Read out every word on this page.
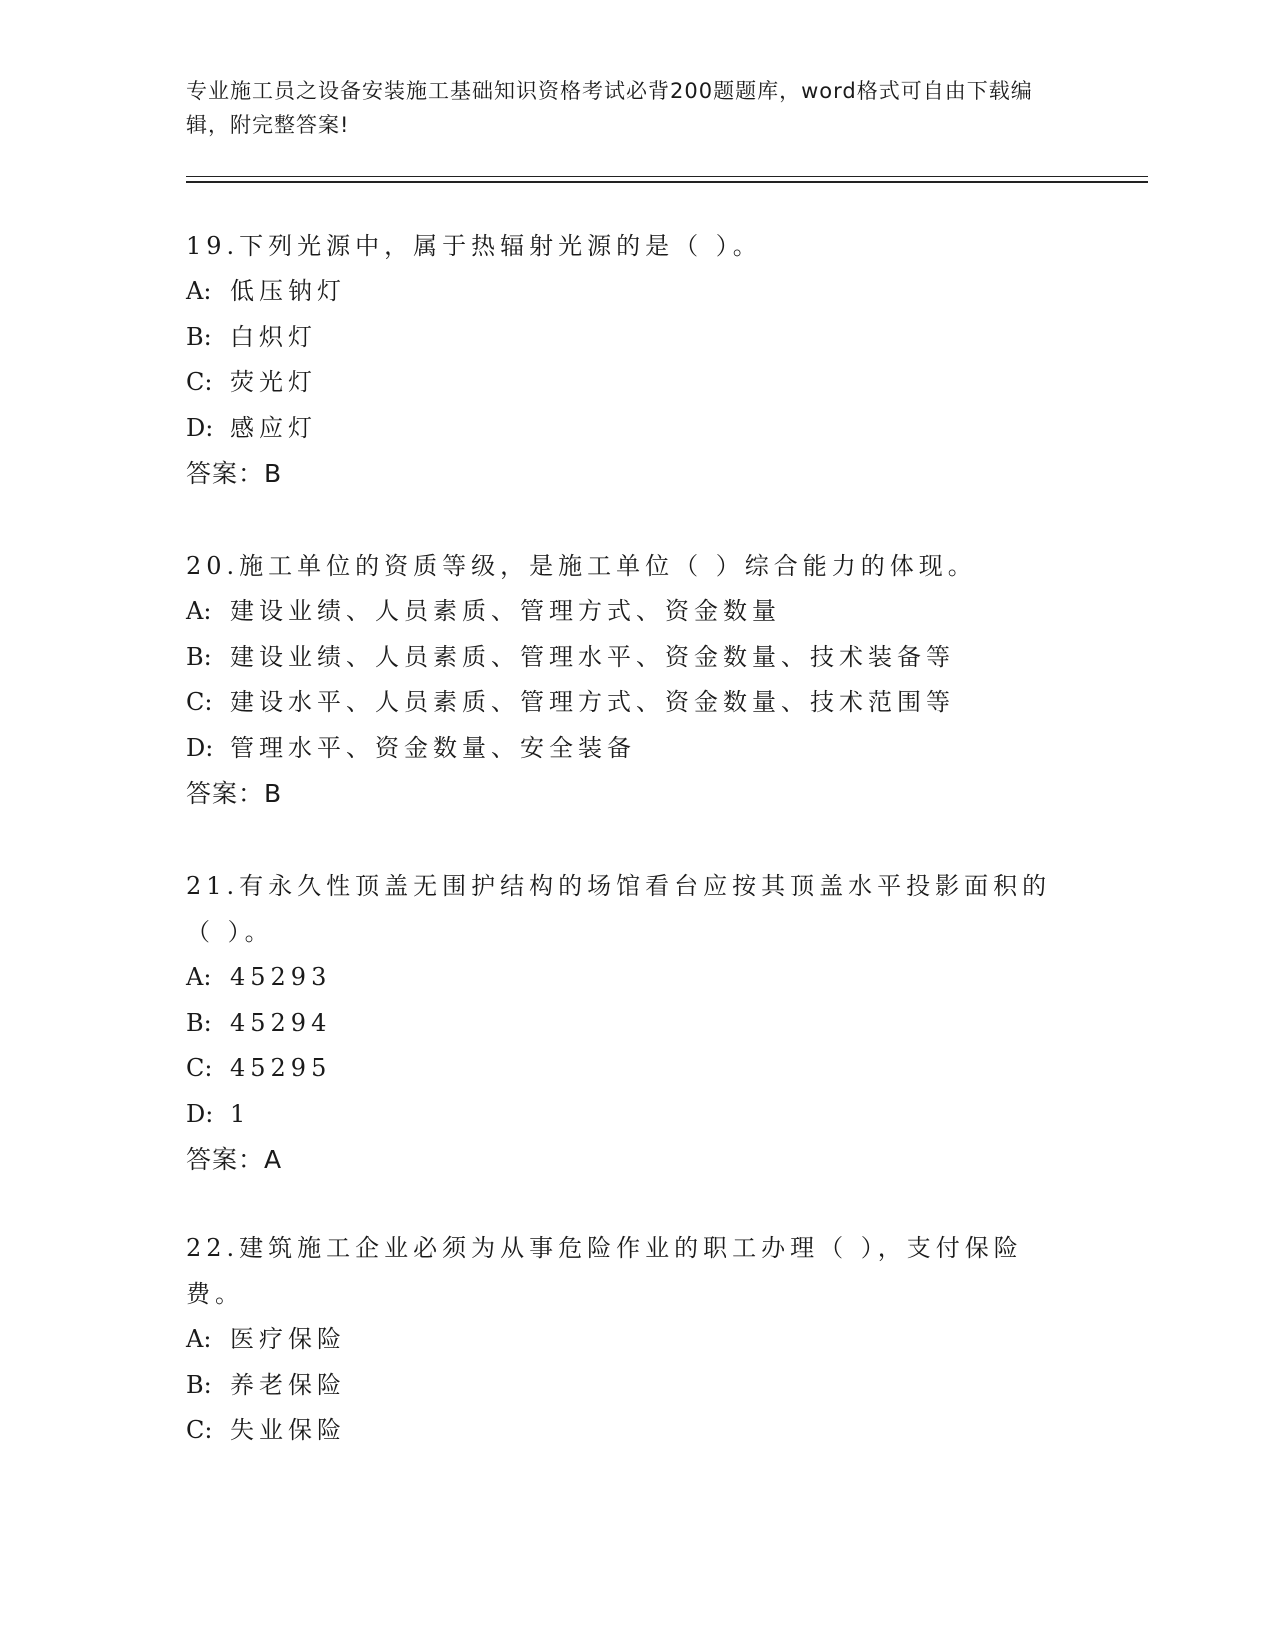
专业施工员之设备安装施工基础知识资格考试必背200题题库，word格式可自由下载编辑，附完整答案!

19.下列光源中，属于热辐射光源的是（ ）。

A: 低压钠灯
B: 白炽灯
C: 荧光灯
D: 感应灯
答案：B

20.施工单位的资质等级，是施工单位（ ）综合能力的体现。

A: 建设业绩、人员素质、管理方式、资金数量
B: 建设业绩、人员素质、管理水平、资金数量、技术装备等
C: 建设水平、人员素质、管理方式、资金数量、技术范围等
D: 管理水平、资金数量、安全装备
答案：B

21.有永久性顶盖无围护结构的场馆看台应按其顶盖水平投影面积的（ ）。

A: 45293
B: 45294
C: 45295
D: 1
答案：A

22.建筑施工企业必须为从事危险作业的职工办理（ ），支付保险费。

A: 医疗保险
B: 养老保险
C: 失业保险
